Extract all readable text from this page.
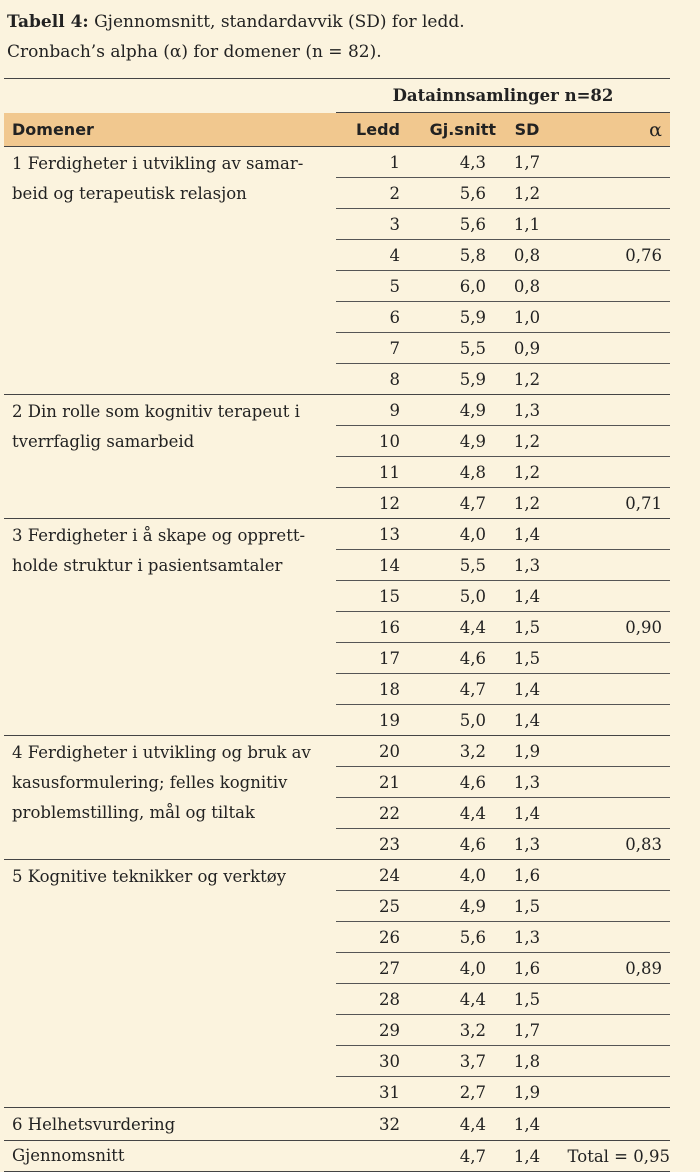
Tabell 4: Gjennomsnitt, standardavvik (SD) for ledd.
Cronbach’s alpha (α) for domener (n = 82).
	Datainnsamlinger n=82			
Domener	Ledd	Gj.snitt	SD	α
1 Ferdigheter i utvikling av samar-beid og terapeutisk relasjon	1	4,3	1,7	
	2	5,6	1,2	
	3	5,6	1,1	
	4	5,8	0,8	0,76
	5	6,0	0,8	
	6	5,9	1,0	
	7	5,5	0,9	
	8	5,9	1,2	
2 Din rolle som kognitiv terapeut i tverrfaglig samarbeid	9	4,9	1,3	
	10	4,9	1,2	
	11	4,8	1,2	
	12	4,7	1,2	0,71
3 Ferdigheter i å skape og opprett-holde struktur i pasientsamtaler	13	4,0	1,4	
	14	5,5	1,3	
	15	5,0	1,4	
	16	4,4	1,5	0,90
	17	4,6	1,5	
	18	4,7	1,4	
	19	5,0	1,4	
4 Ferdigheter i utvikling og bruk av kasusformulering; felles kognitiv problemstilling, mål og tiltak	20	3,2	1,9	
	21	4,6	1,3	
	22	4,4	1,4	
	23	4,6	1,3	0,83
5 Kognitive teknikker og verktøy	24	4,0	1,6	
	25	4,9	1,5	
	26	5,6	1,3	
	27	4,0	1,6	0,89
	28	4,4	1,5	
	29	3,2	1,7	
	30	3,7	1,8	
	31	2,7	1,9	
6 Helhetsvurdering	32	4,4	1,4	
Gjennomsnitt		4,7	1,4	Total = 0,95
